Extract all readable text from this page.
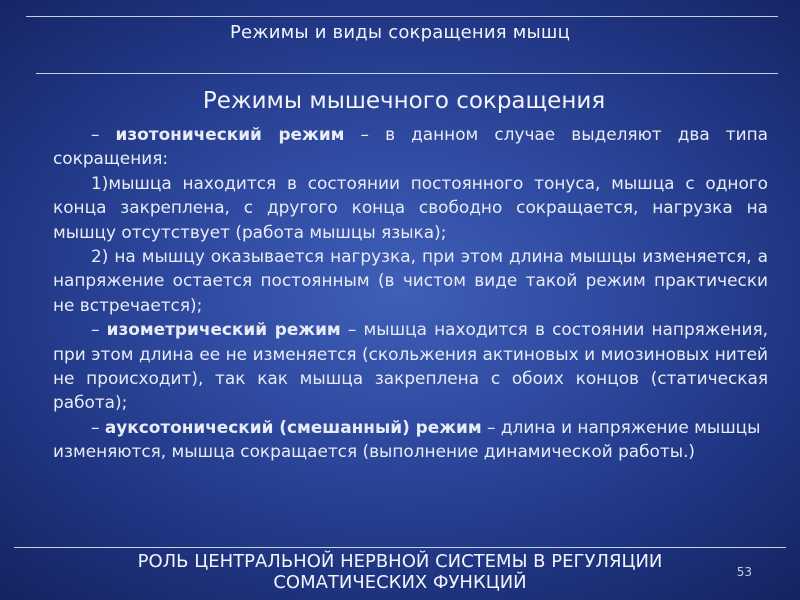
Режимы и виды сокращения мышц
Режимы мышечного сокращения

– изотонический режим – в данном случае выделяют два типа сокращения:

1)мышца находится в состоянии постоянного тонуса, мышца с одного конца закреплена, с другого конца свободно сокращается, нагрузка на мышцу отсутствует (работа мышцы языка);

2) на мышцу оказывается нагрузка, при этом длина мышцы изменяется, а напряжение остается постоянным (в чистом виде такой режим практически не встречается);

– изометрический режим – мышца находится в состоянии напряжения, при этом длина ее не изменяется (скольжения актиновых и миозиновых нитей не происходит), так как мышца закреплена с обоих концов (статическая работа);

– ауксотонический (смешанный) режим – длина и напряжение мышцы изменяются, мышца сокращается (выполнение динамической работы.)

РОЛЬ ЦЕНТРАЛЬНОЙ НЕРВНОЙ СИСТЕМЫ В РЕГУЛЯЦИИ
СОМАТИЧЕСКИХ ФУНКЦИЙ	53
